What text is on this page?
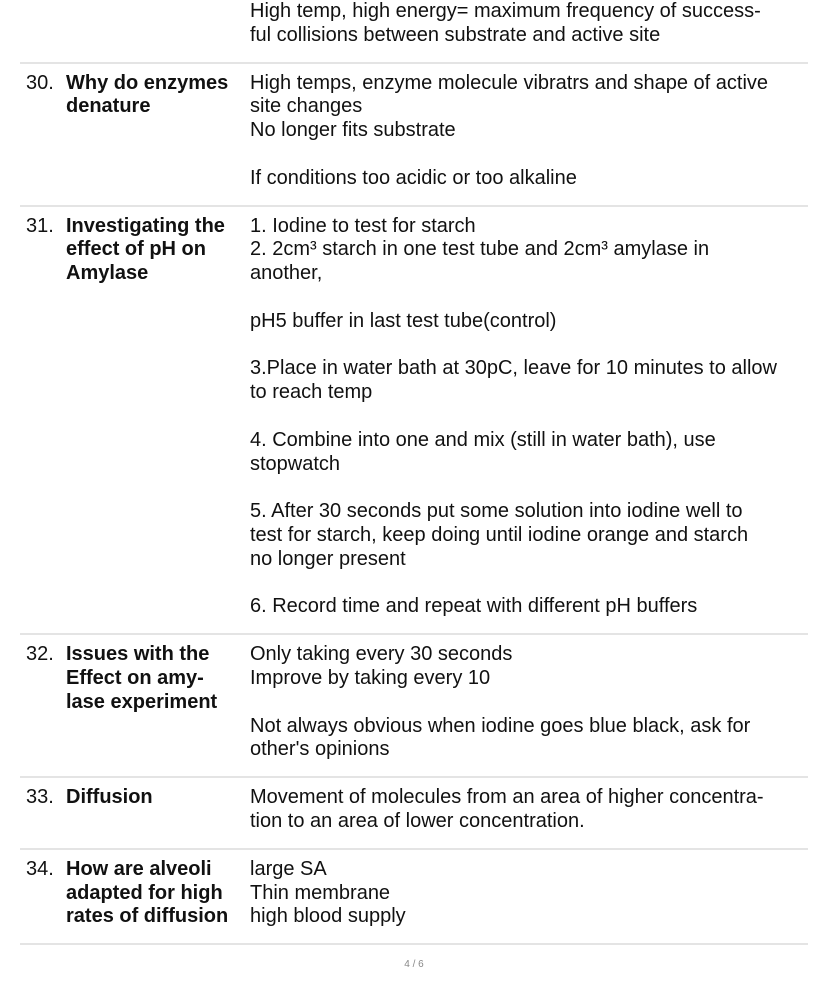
High temp, high energy= maximum frequency of success-
ful collisions between substrate and active site
30. Why do enzymes
denature
High temps, enzyme molecule vibratrs and shape of active
site changes
No longer fits substrate
If conditions too acidic or too alkaline
31. Investigating the
effect of pH on
Amylase
1. Iodine to test for starch
2. 2cm³ starch in one test tube and 2cm³ amylase in
another,
pH5 buffer in last test tube(control)
3.Place in water bath at 30pC, leave for 10 minutes to allow
to reach temp
4. Combine into one and mix (still in water bath), use
stopwatch
5. After 30 seconds put some solution into iodine well to
test for starch, keep doing until iodine orange and starch
no longer present
6. Record time and repeat with different pH buffers
32. Issues with the
Effect on amy-
lase experiment
Only taking every 30 seconds
Improve by taking every 10
Not always obvious when iodine goes blue black, ask for
other's opinions
33. Diffusion	Movement of molecules from an area of higher concentra-
tion to an area of lower concentration.
34. How are alveoli
adapted for high
rates of diffusion
large SA
Thin membrane
high blood supply
4 / 6
